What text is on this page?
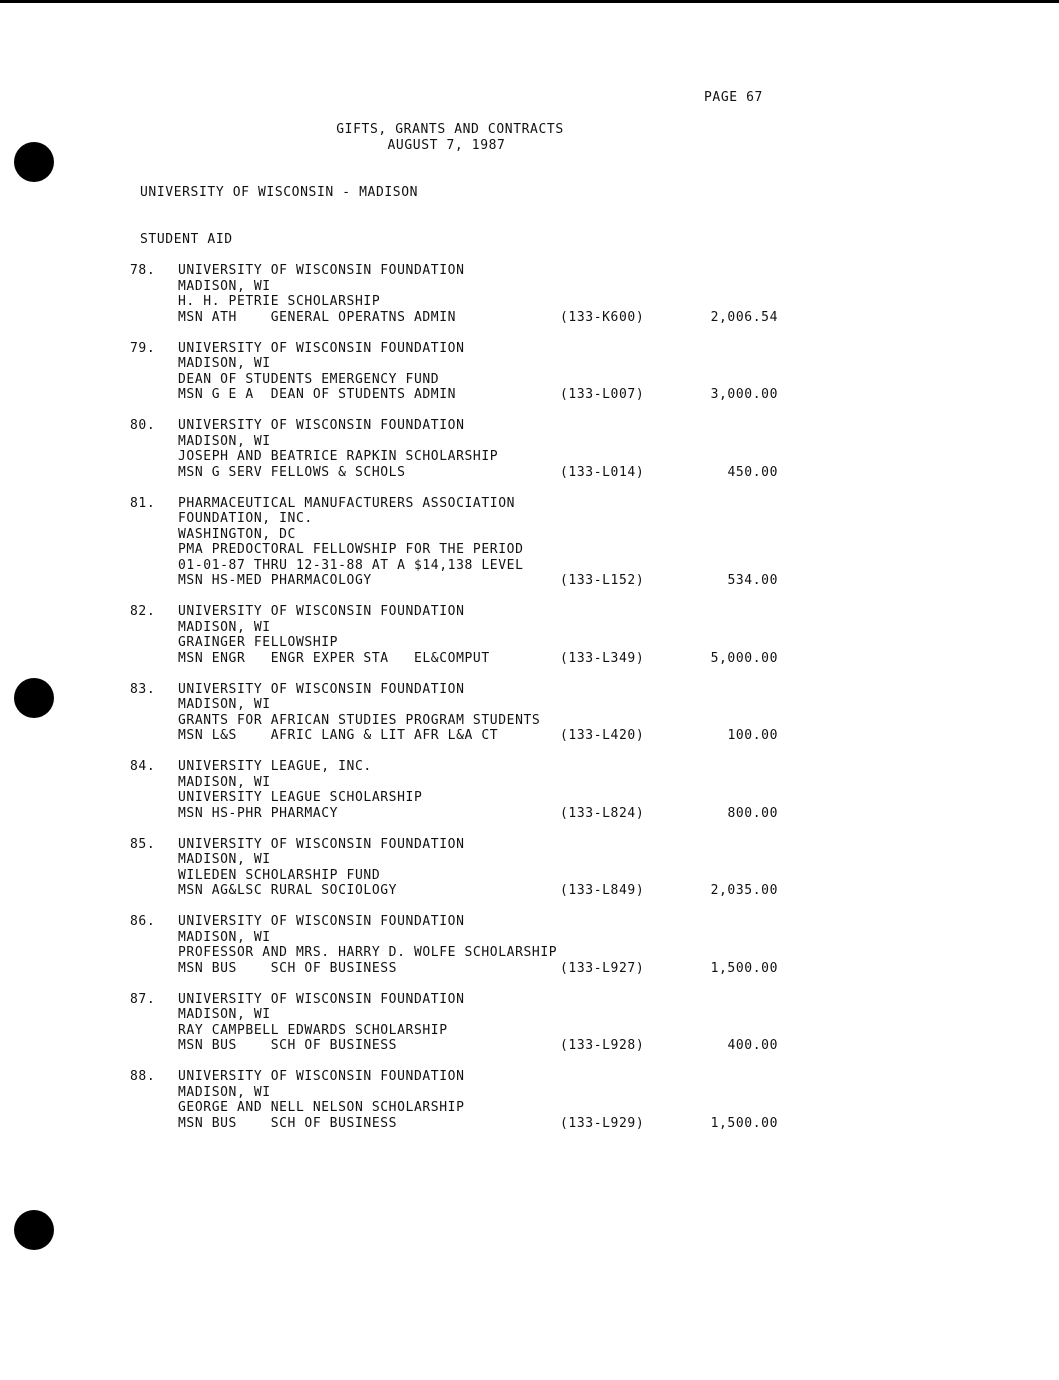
PAGE 67
GIFTS, GRANTS AND CONTRACTS
AUGUST 7, 1987
UNIVERSITY OF WISCONSIN - MADISON
STUDENT AID
78. UNIVERSITY OF WISCONSIN FOUNDATION
MADISON, WI
H. H. PETRIE SCHOLARSHIP
MSN ATH    GENERAL OPERATNS ADMIN	(133-K600)	2,006.54
79. UNIVERSITY OF WISCONSIN FOUNDATION
MADISON, WI
DEAN OF STUDENTS EMERGENCY FUND
MSN G E A  DEAN OF STUDENTS ADMIN	(133-L007)	3,000.00
80. UNIVERSITY OF WISCONSIN FOUNDATION
MADISON, WI
JOSEPH AND BEATRICE RAPKIN SCHOLARSHIP
MSN G SERV FELLOWS & SCHOLS	(133-L014)	450.00
81. PHARMACEUTICAL MANUFACTURERS ASSOCIATION
FOUNDATION, INC.
WASHINGTON, DC
PMA PREDOCTORAL FELLOWSHIP FOR THE PERIOD
01-01-87 THRU 12-31-88 AT A $14,138 LEVEL
MSN HS-MED PHARMACOLOGY	(133-L152)	534.00
82. UNIVERSITY OF WISCONSIN FOUNDATION
MADISON, WI
GRAINGER FELLOWSHIP
MSN ENGR   ENGR EXPER STA   EL&COMPUT	(133-L349)	5,000.00
83. UNIVERSITY OF WISCONSIN FOUNDATION
MADISON, WI
GRANTS FOR AFRICAN STUDIES PROGRAM STUDENTS
MSN L&S    AFRIC LANG & LIT AFR L&A CT	(133-L420)	100.00
84. UNIVERSITY LEAGUE, INC.
MADISON, WI
UNIVERSITY LEAGUE SCHOLARSHIP
MSN HS-PHR PHARMACY	(133-L824)	800.00
85. UNIVERSITY OF WISCONSIN FOUNDATION
MADISON, WI
WILEDEN SCHOLARSHIP FUND
MSN AG&LSC RURAL SOCIOLOGY	(133-L849)	2,035.00
86. UNIVERSITY OF WISCONSIN FOUNDATION
MADISON, WI
PROFESSOR AND MRS. HARRY D. WOLFE SCHOLARSHIP
MSN BUS    SCH OF BUSINESS	(133-L927)	1,500.00
87. UNIVERSITY OF WISCONSIN FOUNDATION
MADISON, WI
RAY CAMPBELL EDWARDS SCHOLARSHIP
MSN BUS    SCH OF BUSINESS	(133-L928)	400.00
88. UNIVERSITY OF WISCONSIN FOUNDATION
MADISON, WI
GEORGE AND NELL NELSON SCHOLARSHIP
MSN BUS    SCH OF BUSINESS	(133-L929)	1,500.00
